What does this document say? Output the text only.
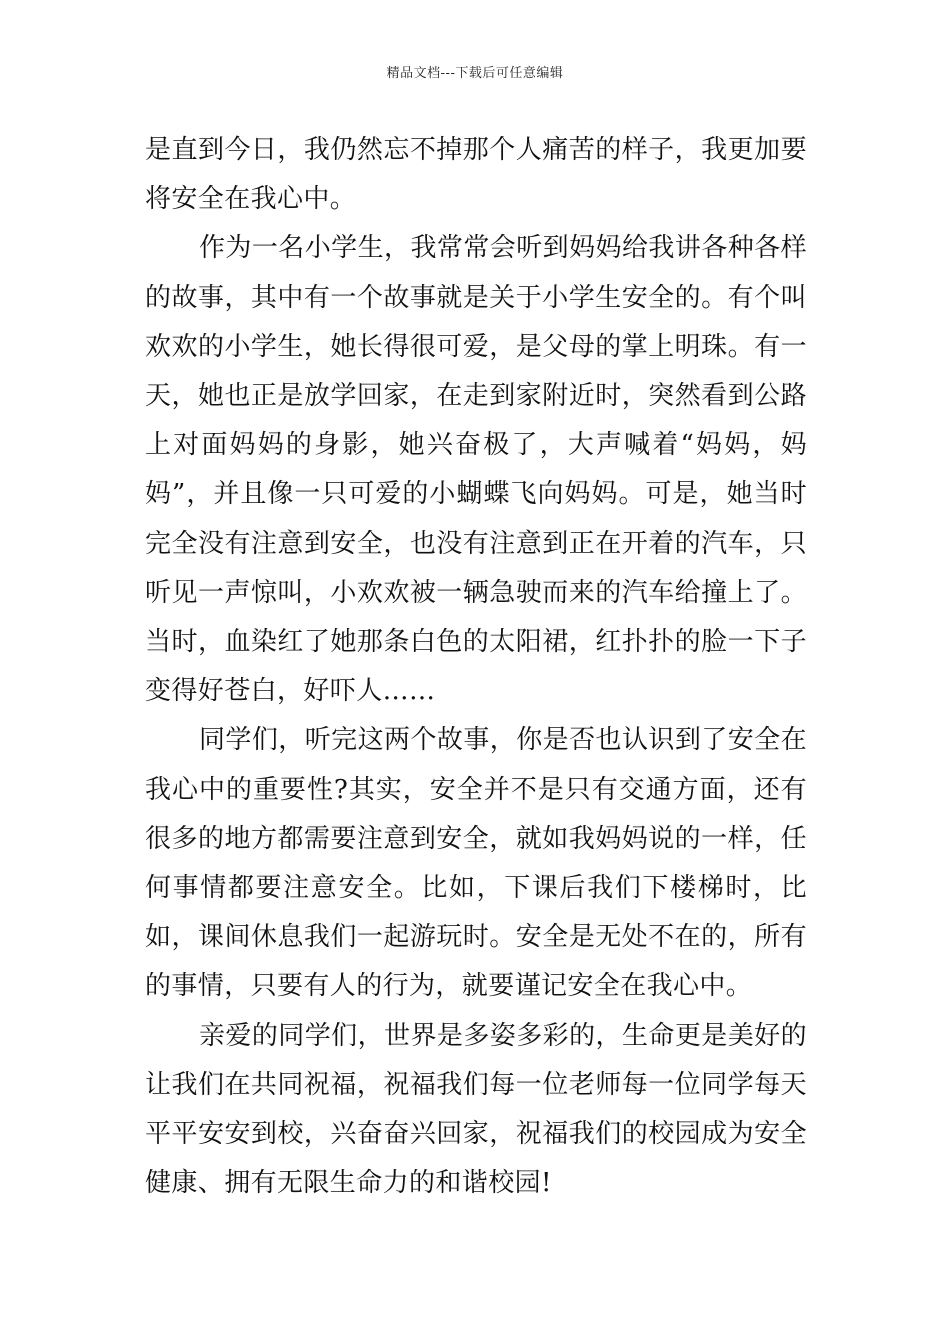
精品文档---下载后可任意编辑

是直到今日，我仍然忘不掉那个人痛苦的样子，我更加要将安全在我心中。

作为一名小学生，我常常会听到妈妈给我讲各种各样的故事，其中有一个故事就是关于小学生安全的。有个叫欢欢的小学生，她长得很可爱，是父母的掌上明珠。有一天，她也正是放学回家，在走到家附近时，突然看到公路上对面妈妈的身影，她兴奋极了，大声喊着“妈妈，妈妈”，并且像一只可爱的小蝴蝶飞向妈妈。可是，她当时完全没有注意到安全，也没有注意到正在开着的汽车，只听见一声惊叫，小欢欢被一辆急驶而来的汽车给撞上了。当时，血染红了她那条白色的太阳裙，红扑扑的脸一下子变得好苍白，好吓人……

同学们，听完这两个故事，你是否也认识到了安全在我心中的重要性?其实，安全并不是只有交通方面，还有很多的地方都需要注意到安全，就如我妈妈说的一样，任何事情都要注意安全。比如，下课后我们下楼梯时，比如，课间休息我们一起游玩时。安全是无处不在的，所有的事情，只要有人的行为，就要谨记安全在我心中。

亲爱的同学们，世界是多姿多彩的，生命更是美好的让我们在共同祝福，祝福我们每一位老师每一位同学每天平平安安到校，兴奋奋兴回家，祝福我们的校园成为安全健康、拥有无限生命力的和谐校园!
